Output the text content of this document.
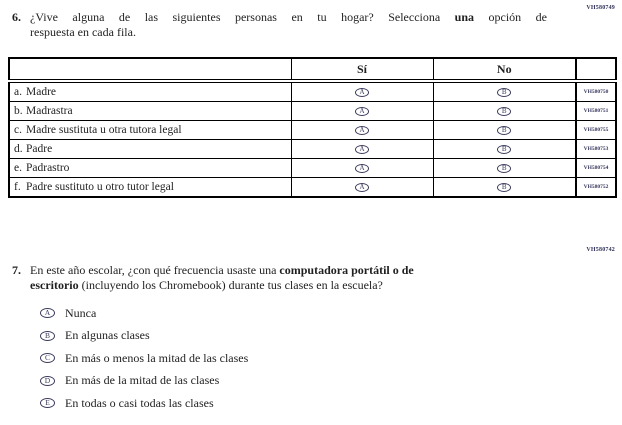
VH580749
6. ¿Vive alguna de las siguientes personas en tu hogar? Selecciona una opción de
respuesta en cada fila.
	Sí	No	
a. Madre	A	B	VH580750
b. Madrastra	A	B	VH580751
c. Madre sustituta u otra tutora legal	A	B	VH580755
d. Padre	A	B	VH580753
e. Padrastro	A	B	VH580754
f. Padre sustituto u otro tutor legal	A	B	VH580752
VH580742
7. En este año escolar, ¿con qué frecuencia usaste una computadora portátil o de
escritorio (incluyendo los Chromebook) durante tus clases en la escuela?
A Nunca
B En algunas clases
C En más o menos la mitad de las clases
D En más de la mitad de las clases
E En todas o casi todas las clases
